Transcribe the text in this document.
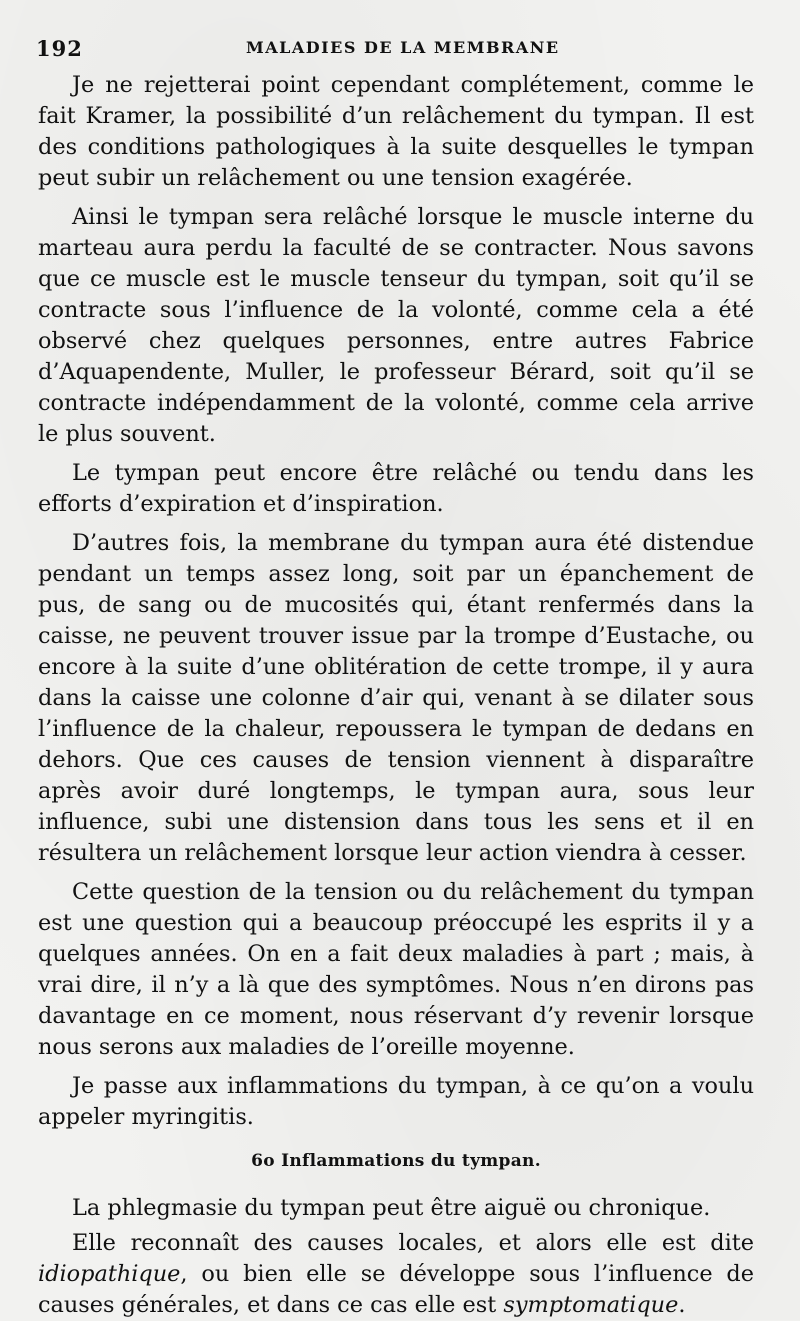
192	MALADIES DE LA MEMBRANE

Je ne rejetterai point cependant complétement, comme le fait Kramer, la possibilité d’un relâchement du tympan. Il est des conditions pathologiques à la suite desquelles le tympan peut subir un relâchement ou une tension exagérée.

Ainsi le tympan sera relâché lorsque le muscle interne du marteau aura perdu la faculté de se contracter. Nous savons que ce muscle est le muscle tenseur du tympan, soit qu’il se contracte sous l’influence de la volonté, comme cela a été observé chez quelques personnes, entre autres Fabrice d’Aquapendente, Muller, le professeur Bérard, soit qu’il se contracte indépendamment de la volonté, comme cela arrive le plus souvent.

Le tympan peut encore être relâché ou tendu dans les efforts d’expiration et d’inspiration.

D’autres fois, la membrane du tympan aura été distendue pendant un temps assez long, soit par un épanchement de pus, de sang ou de mucosités qui, étant renfermés dans la caisse, ne peuvent trouver issue par la trompe d’Eustache, ou encore à la suite d’une oblitération de cette trompe, il y aura dans la caisse une colonne d’air qui, venant à se dilater sous l’influence de la chaleur, repoussera le tympan de dedans en dehors. Que ces causes de tension viennent à disparaître après avoir duré longtemps, le tympan aura, sous leur influence, subi une distension dans tous les sens et il en résultera un relâchement lorsque leur action viendra à cesser.

Cette question de la tension ou du relâchement du tympan est une question qui a beaucoup préoccupé les esprits il y a quelques années. On en a fait deux maladies à part ; mais, à vrai dire, il n’y a là que des symptômes. Nous n’en dirons pas davantage en ce moment, nous réservant d’y revenir lorsque nous serons aux maladies de l’oreille moyenne.

Je passe aux inflammations du tympan, à ce qu’on a voulu appeler myringitis.

6o Inflammations du tympan.

La phlegmasie du tympan peut être aiguë ou chronique.

Elle reconnaît des causes locales, et alors elle est dite idiopathique, ou bien elle se développe sous l’influence de causes générales, et dans ce cas elle est symptomatique.
